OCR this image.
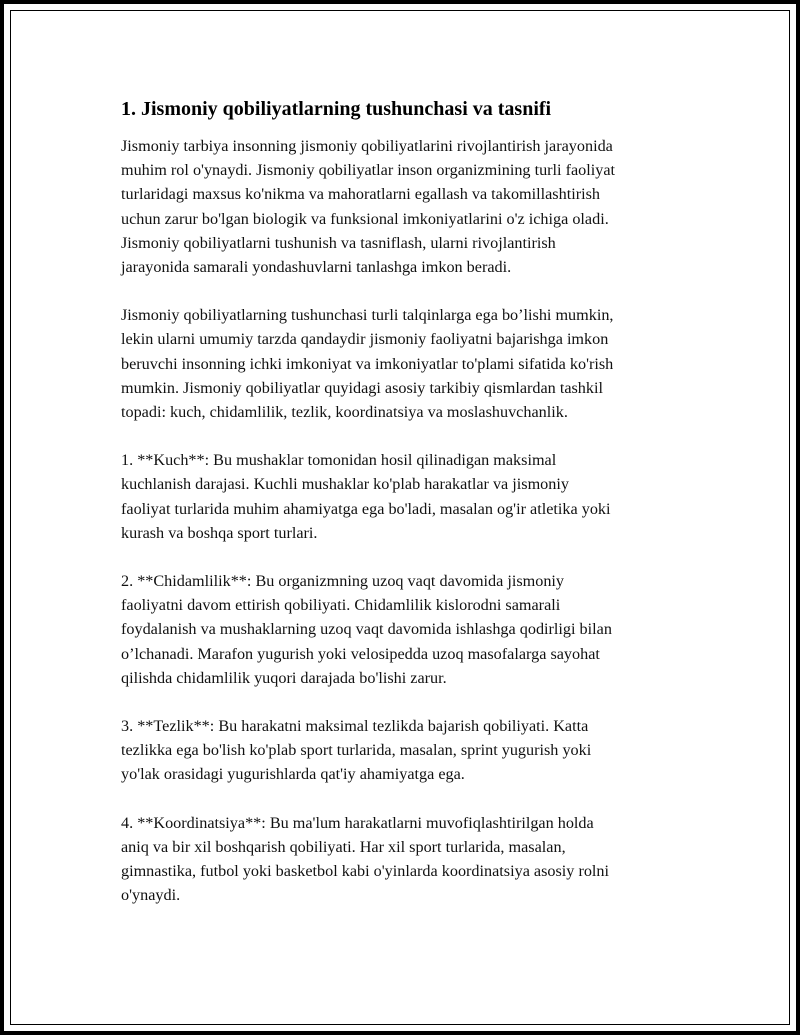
1. Jismoniy qobiliyatlarning tushunchasi va tasnifi

Jismoniy tarbiya insonning jismoniy qobiliyatlarini rivojlantirish jarayonida
muhim rol o'ynaydi. Jismoniy qobiliyatlar inson organizmining turli faoliyat
turlaridagi maxsus ko'nikma va mahoratlarni egallash va takomillashtirish
uchun zarur bo'lgan biologik va funksional imkoniyatlarini o'z ichiga oladi.
Jismoniy qobiliyatlarni tushunish va tasniflash, ularni rivojlantirish
jarayonida samarali yondashuvlarni tanlashga imkon beradi.

Jismoniy qobiliyatlarning tushunchasi turli talqinlarga ega bo’lishi mumkin,
lekin ularni umumiy tarzda qandaydir jismoniy faoliyatni bajarishga imkon
beruvchi insonning ichki imkoniyat va imkoniyatlar to'plami sifatida ko'rish
mumkin. Jismoniy qobiliyatlar quyidagi asosiy tarkibiy qismlardan tashkil
topadi: kuch, chidamlilik, tezlik, koordinatsiya va moslashuvchanlik.

1. **Kuch**: Bu mushaklar tomonidan hosil qilinadigan maksimal
kuchlanish darajasi. Kuchli mushaklar ko'plab harakatlar va jismoniy
faoliyat turlarida muhim ahamiyatga ega bo'ladi, masalan og'ir atletika yoki
kurash va boshqa sport turlari.

2. **Chidamlilik**: Bu organizmning uzoq vaqt davomida jismoniy
faoliyatni davom ettirish qobiliyati. Chidamlilik kislorodni samarali
foydalanish va mushaklarning uzoq vaqt davomida ishlashga qodirligi bilan
o’lchanadi. Marafon yugurish yoki velosipedda uzoq masofalarga sayohat
qilishda chidamlilik yuqori darajada bo'lishi zarur.

3. **Tezlik**: Bu harakatni maksimal tezlikda bajarish qobiliyati. Katta
tezlikka ega bo'lish ko'plab sport turlarida, masalan, sprint yugurish yoki
yo'lak orasidagi yugurishlarda qat'iy ahamiyatga ega.

4. **Koordinatsiya**: Bu ma'lum harakatlarni muvofiqlashtirilgan holda
aniq va bir xil boshqarish qobiliyati. Har xil sport turlarida, masalan,
gimnastika, futbol yoki basketbol kabi o'yinlarda koordinatsiya asosiy rolni
o'ynaydi.
